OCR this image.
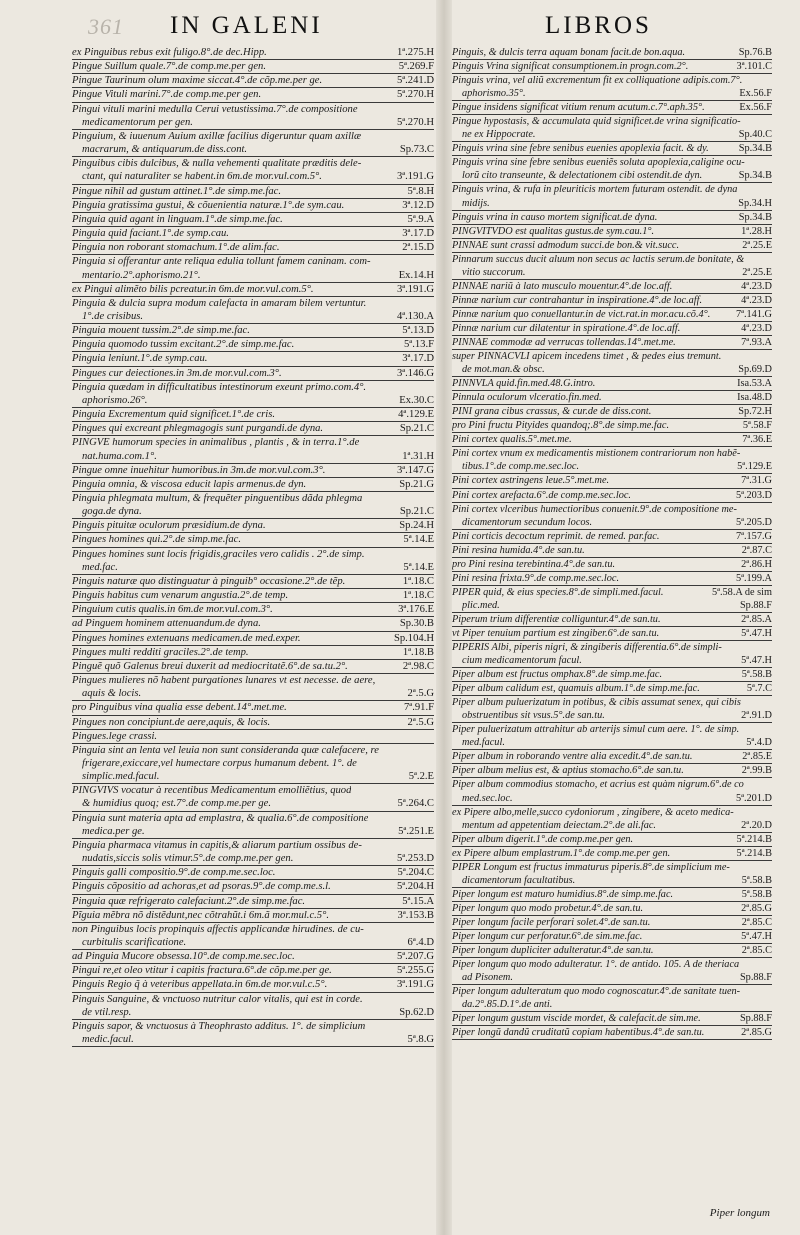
361 IN GALENI	LIBROS
ex Pinguibus rebus exit fuligo.8°.de dec.Hipp.	1ª.275.H
Pingue Suillum quale.7°.de comp.me.per gen.	5ª.269.F
Pingue Taurinum olum maxime siccat.4°.de cõp.me.per ge.	5ª.241.D
Pingue Vituli marini.7°.de comp.me.per gen.	5ª.270.H
Pingui vituli marini medulla Cerui vetustissima.7°.de compositione
medicamentorum per gen.	5ª.270.H
Pinguium, & iuuenum Auium axillæ facilius digeruntur quam axillæ
macrarum, & antiquarum.de diss.cont.	Sp.73.C
Pinguibus cibis dulcibus, & nulla vehementi qualitate præditis dele-
ctant, qui naturaliter se habent.in 6m.de mor.vul.com.5°.	3ª.191.G
Pingue nihil ad gustum attinet.1°.de simp.me.fac.	5ª.8.H
Pinguia gratissima gustui, & cõuenientia naturæ.1°.de sym.cau.	3ª.12.D
Pinguia quid agant in linguam.1°.de simp.me.fac.	5ª.9.A
Pinguia quid faciant.1°.de symp.cau.	3ª.17.D
Pinguia non roborant stomachum.1°.de alim.fac.	2ª.15.D
Pinguia si offerantur ante reliqua edulia tollunt famem caninam. com-
mentario.2°.aphorismo.21°.	Ex.14.H
ex Pingui alimẽto bilis pcreatur.in 6m.de mor.vul.com.5°.	3ª.191.G
Pinguia & dulcia supra modum calefacta in amaram bilem vertuntur.
1°.de crisibus.	4ª.130.A
Pinguia mouent tussim.2°.de simp.me.fac.	5ª.13.D
Pinguia quomodo tussim excitant.2°.de simp.me.fac.	5ª.13.F
Pinguia leniunt.1°.de symp.cau.	3ª.17.D
Pingues cur deiectiones.in 3m.de mor.vul.com.3°.	3ª.146.G
Pinguia quædam in difficultatibus intestinorum exeunt primo.com.4°.
aphorismo.26°.	Ex.30.C
Pinguia Excrementum quid significet.1°.de cris.	4ª.129.E
Pingues qui excreant phlegmagogis sunt purgandi.de dyna.	Sp.21.C
PINGVE humorum species in animalibus , plantis , & in terra.1°.de
nat.huma.com.1°.	1ª.31.H
Pingue omne inuehitur humoribus.in 3m.de mor.vul.com.3°.	3ª.147.G
Pinguia omnia, & viscosa educit lapis armenus.de dyn.	Sp.21.G
Pinguia phlegmata multum, & frequẽter pinguentibus dãda phlegma
goga.de dyna.	Sp.21.C
Pinguis pituitæ oculorum præsidium.de dyna.	Sp.24.H
Pingues homines qui.2°.de simp.me.fac.	5ª.14.E
Pingues homines sunt locis frigidis,graciles vero calidis . 2°.de simp.
med.fac.	5ª.14.E
Pinguis naturæ quo distinguatur à pinguib° occasione.2°.de tẽp.	1ª.18.C
Pinguis habitus cum venarum angustia.2°.de temp.	1ª.18.C
Pinguium cutis qualis.in 6m.de mor.vul.com.3°.	3ª.176.E
ad Pinguem hominem attenuandum.de dyna.	Sp.30.B
Pingues homines extenuans medicamen.de med.exper.	Sp.104.H
Pingues multi redditi graciles.2°.de temp.	1ª.18.B
Pinguẽ quõ Galenus breui duxerit ad mediocritatẽ.6°.de sa.tu.2°.	2ª.98.C
Pingues mulieres nõ habent purgationes lunares vt est necesse. de aere,
aquis & locis.	2ª.5.G
pro Pinguibus vina qualia esse debent.14°.met.me.	7ª.91.F
Pingues non concipiunt.de aere,aquis, & locis.	2ª.5.G
Pingues.lege crassi.
Pinguia sint an lenta vel leuia non sunt consideranda quæ calefacere, re
frigerare,exiccare,vel humectare corpus humanum debent. 1°. de
simplic.med.facul.	5ª.2.E
PINGVIVS vocatur à recentibus Medicamentum emolliẽtius, quod
& humidius quoq; est.7°.de comp.me.per ge.	5ª.264.C
Pinguia sunt materia apta ad emplastra, & qualia.6°.de compositione
medica.per ge.	5ª.251.E
Pinguia pharmaca vitamus in capitis,& aliarum partium ossibus de-
nudatis,siccis solis vtimur.5°.de comp.me.per gen.	5ª.253.D
Pinguis galli compositio.9°.de comp.me.sec.loc.	5ª.204.C
Pinguis cõpositio ad achoras,et ad psoras.9°.de comp.me.s.l.	5ª.204.H
Pinguia quæ refrigerato calefaciunt.2°.de simp.me.fac.	5ª.15.A
Pĩguia mẽbra nõ distẽdunt,nec cõtrahũt.i 6m.ã mor.mul.c.5°.	3ª.153.B
non Pinguibus locis propinquis affectis applicandæ hirudines. de cu-
curbitulis scarificatione.	6ª.4.D
ad Pinguia Mucore obsessa.10°.de comp.me.sec.loc.	5ª.207.G
Pingui re,et oleo vtitur i capitis fractura.6°.de cõp.me.per ge.	5ª.255.G
Pinguis Regio q̃ à veteribus appellata.in 6m.de mor.vul.c.5°.	3ª.191.G
Pinguis Sanguine, & vnctuoso nutritur calor vitalis, qui est in corde.
de vtil.resp.	Sp.62.D
Pinguis sapor, & vnctuosus à Theophrasto additus. 1°. de simplicium
medic.facul.	5ª.8.G
Pinguis, & dulcis terra aquam bonam facit.de bon.aqua.	Sp.76.B
Pinguis Vrina significat consumptionem.in progn.com.2°.	3ª.101.C
Pinguis vrina, vel aliũ excrementum fit ex colliquatione adipis.com.7°.
aphorismo.35°.	Ex.56.F
Pingue insidens significat vitium renum acutum.c.7°.aph.35°.	Ex.56.F
Pingue hypostasis, & accumulata quid significet.de vrina significatio-
ne ex Hippocrate.	Sp.40.C
Pinguis vrina sine febre senibus euenies apoplexia facit. & dy.	Sp.34.B
Pinguis vrina sine febre senibus eueniẽs soluta apoplexia,caligine ocu-
lorũ cito transeunte, & delectationem cibi ostendit.de dyn.	Sp.34.B
Pinguis vrina, & rufa in pleuriticis mortem futuram ostendit. de dyna
midijs.	Sp.34.H
Pinguis vrina in causo mortem significat.de dyna.	Sp.34.B
PINGVITVDO est qualitas gustus.de sym.cau.1°.	1ª.28.H
PINNAE sunt crassi admodum succi.de bon.& vit.succ.	2ª.25.E
Pinnarum succus ducit aluum non secus ac lactis serum.de bonitate, &
vitio succorum.	2ª.25.E
PINNAE nariũ à lato musculo mouentur.4°.de loc.aff.	4ª.23.D
Pinnæ narium cur contrahantur in inspiratione.4°.de loc.aff.	4ª.23.D
Pinnæ narium quo conuellantur.in de vict.rat.in mor.acu.cõ.4°.	7ª.141.G
Pinnæ narium cur dilatentur in spiratione.4°.de loc.aff.	4ª.23.D
PINNAE commodæ ad verrucas tollendas.14°.met.me.	7ª.93.A
super PINNACVLI apicem incedens timet , & pedes eius tremunt.
de mot.man.& obsc.	Sp.69.D
PINNVLA quid.fin.med.48.G.intro.	Isa.53.A
Pinnula oculorum vlceratio.fin.med.	Isa.48.D
PINI grana cibus crassus, & cur.de de diss.cont.	Sp.72.H
pro Pini fructu Pityides quandoq;.8°.de simp.me.fac.	5ª.58.F
Pini cortex qualis.5°.met.me.	7ª.36.E
Pini cortex vnum ex medicamentis mistionem contrariorum non habẽ-
tibus.1°.de comp.me.sec.loc.	5ª.129.E
Pini cortex astringens leue.5°.met.me.	7ª.31.G
Pini cortex arefacta.6°.de comp.me.sec.loc.	5ª.203.D
Pini cortex vlceribus humectioribus conuenit.9°.de compositione me-
dicamentorum secundum locos.	5ª.205.D
Pini corticis decoctum reprimit. de remed. par.fac.	7ª.157.G
Pini resina humida.4°.de san.tu.	2ª.87.C
pro Pini resina terebintina.4°.de san.tu.	2ª.86.H
Pini resina frixta.9°.de comp.me.sec.loc.	5ª.199.A
PIPER quid, & eius species.8°.de simpli.med.facul.	5ª.58.A de sim
plic.med.	Sp.88.F
Piperum trium differentiæ colliguntur.4°.de san.tu.	2ª.85.A
vt Piper tenuium partium est zingiber.6°.de san.tu.	5ª.47.H
PIPERIS Albi, piperis nigri, & zingiberis differentia.6°.de simpli-
cium medicamentorum facul.	5ª.47.H
Piper album est fructus omphax.8°.de simp.me.fac.	5ª.58.B
Piper album calidum est, quamuis album.1°.de simp.me.fac.	5ª.7.C
Piper album puluerizatum in potibus, & cibis assumat senex, qui cibis
obstruentibus sit vsus.5°.de san.tu.	2ª.91.D
Piper puluerizatum attrahitur ab arterijs simul cum aere. 1°. de simp.
med.facul.	5ª.4.D
Piper album in roborando ventre alia excedit.4°.de san.tu.	2ª.85.E
Piper album melius est, & aptius stomacho.6°.de san.tu.	2ª.99.B
Piper album commodius stomacho, et acrius est quàm nigrum.6°.de co
med.sec.loc.	5ª.201.D
ex Pipere albo,melle,succo cydoniorum , zingibere, & aceto medica-
mentum ad appetentiam deiectam.2°.de ali.fac.	2ª.20.D
Piper album digerit.1°.de comp.me.per gen.	5ª.214.B
ex Pipere album emplastrum.1°.de comp.me.per gen.	5ª.214.B
PIPER Longum est fructus immaturus piperis.8°.de simplicium me-
dicamentorum facultatibus.	5ª.58.B
Piper longum est maturo humidius.8°.de simp.me.fac.	5ª.58.B
Piper longum quo modo probetur.4°.de san.tu.	2ª.85.G
Piper longum facile perforari solet.4°.de san.tu.	2ª.85.C
Piper longum cur perforatur.6°.de sim.me.fac.	5ª.47.H
Piper longum dupliciter adulteratur.4°.de san.tu.	2ª.85.C
Piper longum quo modo adulteratur. 1°. de antido. 105. A de theriaca
ad Pisonem.	Sp.88.F
Piper longum adulteratum quo modo cognoscatur.4°.de sanitate tuen-
da.2°.85.D.1°.de anti.
Piper longum gustum viscide mordet, & calefacit.de sim.me.	Sp.88.F
Piper longũ dandũ cruditatũ copiam habentibus.4°.de san.tu.	2ª.85.G
Piper longum
